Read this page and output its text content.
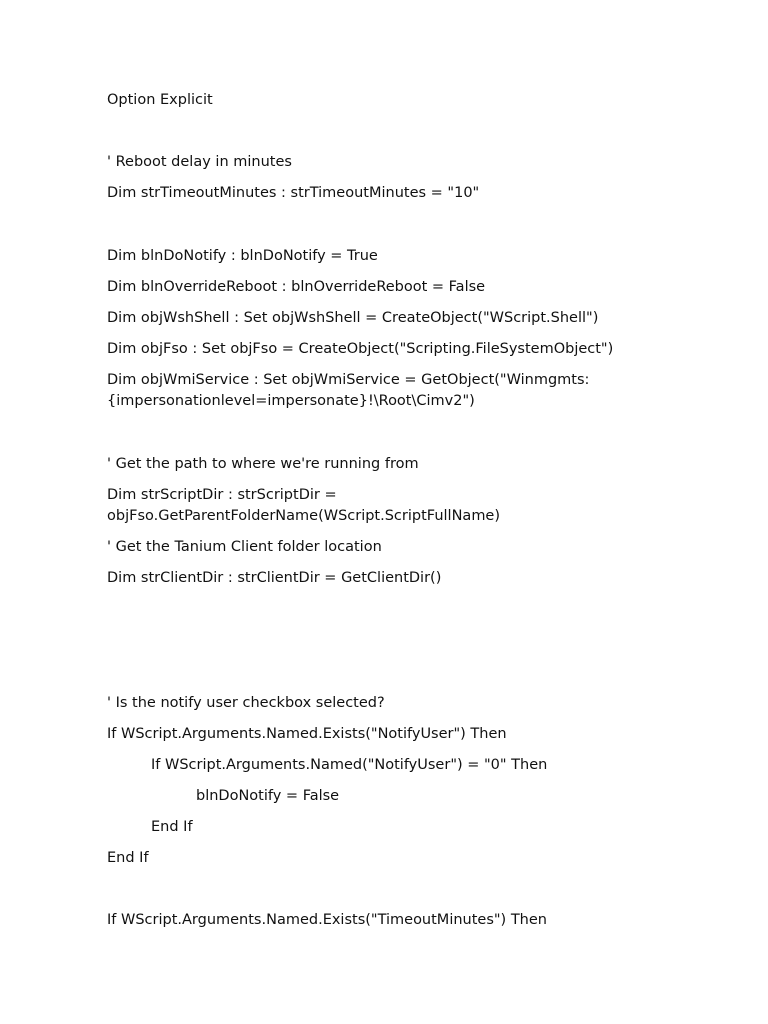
Option Explicit
' Reboot delay in minutes
Dim strTimeoutMinutes : strTimeoutMinutes = "10"
Dim blnDoNotify : blnDoNotify = True
Dim blnOverrideReboot : blnOverrideReboot = False
Dim objWshShell : Set objWshShell = CreateObject("WScript.Shell")
Dim objFso : Set objFso = CreateObject("Scripting.FileSystemObject")
Dim objWmiService : Set objWmiService = GetObject("Winmgmts:
{impersonationlevel=impersonate}!\Root\Cimv2")
' Get the path to where we're running from
Dim strScriptDir : strScriptDir =
objFso.GetParentFolderName(WScript.ScriptFullName)
' Get the Tanium Client folder location
Dim strClientDir : strClientDir = GetClientDir()
' Is the notify user checkbox selected?
If WScript.Arguments.Named.Exists("NotifyUser") Then
If WScript.Arguments.Named("NotifyUser") = "0" Then
blnDoNotify = False
End If
End If
If WScript.Arguments.Named.Exists("TimeoutMinutes") Then
